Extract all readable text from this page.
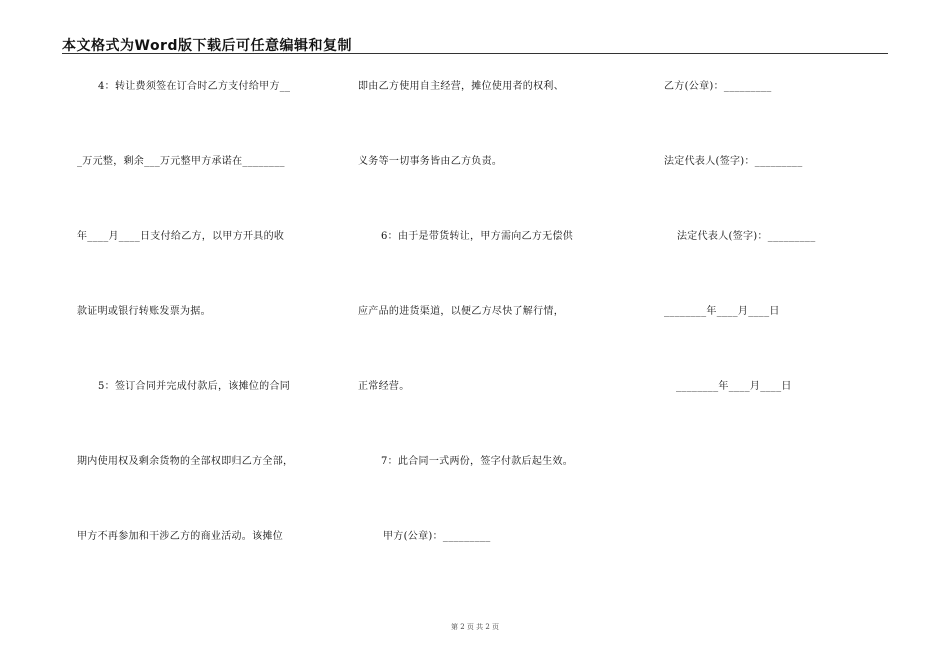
本文格式为Word版下载后可任意编辑和复制
4：转让费须签在订合时乙方支付给甲方__
_万元整，剩余___万元整甲方承诺在________
年____月____日支付给乙方，以甲方开具的收
款证明或银行转账发票为据。
5：签订合同并完成付款后，该摊位的合同
期内使用权及剩余货物的全部权即归乙方全部，
甲方不再参加和干涉乙方的商业活动。该摊位
即由乙方使用自主经营，摊位使用者的权利、
义务等一切事务皆由乙方负责。
6：由于是带货转让，甲方需向乙方无偿供
应产品的进货渠道，以便乙方尽快了解行情，
正常经营。
7：此合同一式两份，签字付款后起生效。
甲方(公章)：_________
乙方(公章)：_________
法定代表人(签字)：_________
法定代表人(签字)：_________
________年____月____日
________年____月____日
第 2 页 共 2 页
